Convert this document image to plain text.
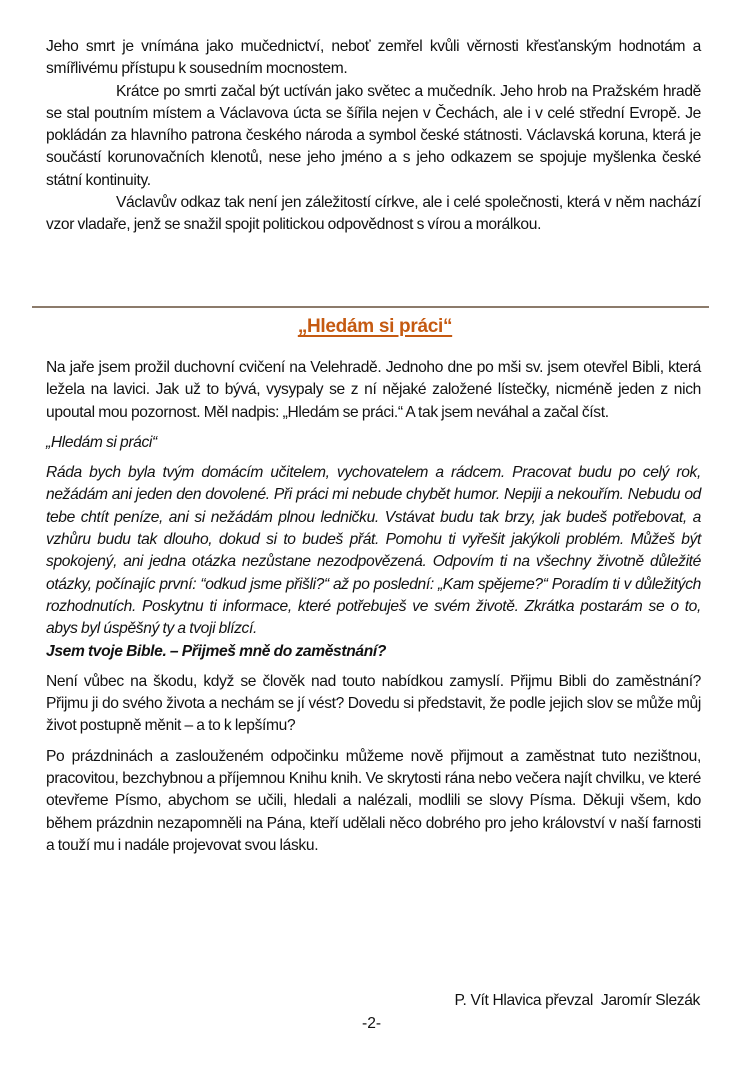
Jeho smrt je vnímána jako mučednictví, neboť zemřel kvůli věrnosti křesťanským hodnotám a smířlivému přístupu k sousedním mocnostem.

Krátce po smrti začal být uctíván jako světec a mučedník. Jeho hrob na Pražském hradě se stal poutním místem a Václavova úcta se šířila nejen v Čechách, ale i v celé střední Evropě. Je pokládán za hlavního patrona českého národa a symbol české státnosti. Václavská koruna, která je součástí korunovačních klenotů, nese jeho jméno a s jeho odkazem se spojuje myšlenka české státní kontinuity.

Václavův odkaz tak není jen záležitostí církve, ale i celé společnosti, která v něm nachází vzor vladaře, jenž se snažil spojit politickou odpovědnost s vírou a morálkou.

Na jaře jsem prožil duchovní cvičení na Velehradě. Jednoho dne po mši sv. jsem otevřel Bibli, která ležela na lavici. Jak už to bývá, vysypaly se z ní nějaké založené lístečky, nicméně jeden z nich upoutal mou pozornost. Měl nadpis: „Hledám se práci.“ A tak jsem neváhal a začal číst.

„Hledám si práci“

Ráda bych byla tvým domácím učitelem, vychovatelem a rádcem. Pracovat budu po celý rok, nežádám ani jeden den dovolené. Při práci mi nebude chybět humor. Nepiji a nekouřím. Nebudu od tebe chtít peníze, ani si nežádám plnou ledničku. Vstávat budu tak brzy, jak budeš potřebovat, a vzhůru budu tak dlouho, dokud si to budeš přát. Pomohu ti vyřešit jakýkoli problém. Můžeš být spokojený, ani jedna otázka nezůstane nezodpovězená. Odpovím ti na všechny životně důležité otázky, počínajíc první: “odkud jsme přišli?“ až po poslední: „Kam spějeme?“ Poradím ti v důležitých rozhodnutích. Poskytnu ti informace, které potřebuješ ve svém životě. Zkrátka postarám se o to, abys byl úspěšný ty a tvoji blízcí.
Jsem tvoje Bible. – Přijmeš mně do zaměstnání?

Není vůbec na škodu, když se člověk nad touto nabídkou zamyslí. Přijmu Bibli do zaměstnání? Přijmu ji do svého života a nechám se jí vést? Dovedu si představit, že podle jejich slov se může můj život postupně měnit – a to k lepšímu?

Po prázdninách a zaslouženém odpočinku můžeme nově přijmout a zaměstnat tuto nezištnou, pracovitou, bezchybnou a příjemnou Knihu knih. Ve skrytosti rána nebo večera najít chvilku, ve které otevřeme Písmo, abychom se učili, hledali a nalézali, modlili se slovy Písma. Děkuji všem, kdo během prázdnin nezapomněli na Pána, kteří udělali něco dobrého pro jeho království v naší farnosti a touží mu i nadále projevovat svou lásku.

„Hledám si práci“
P. Vít Hlavica převzal  Jaromír Slezák
-2-
